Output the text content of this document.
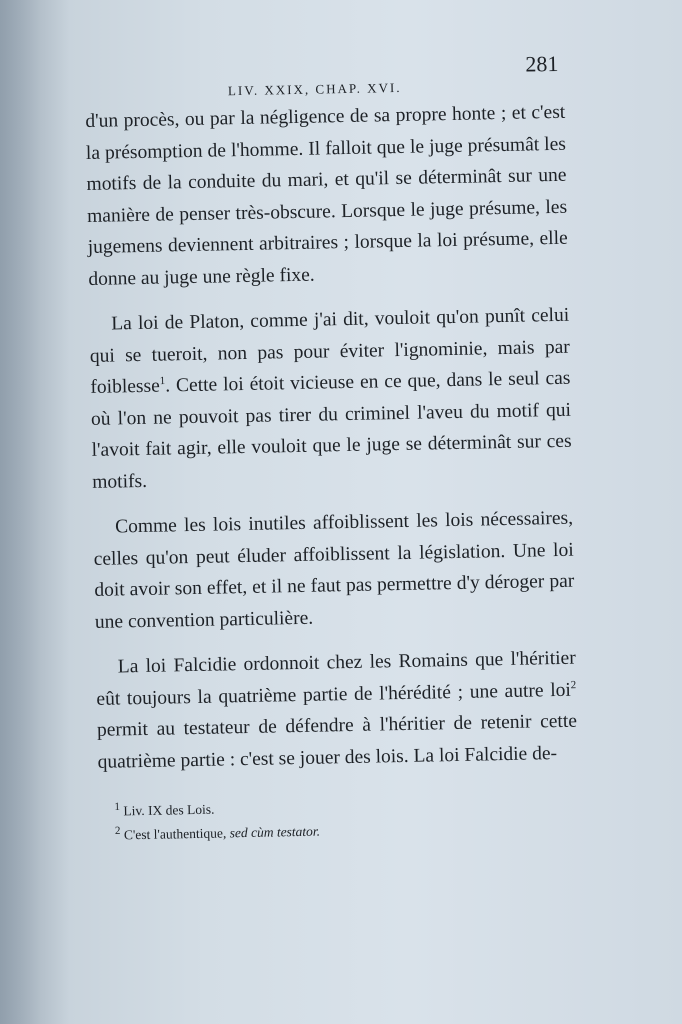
281
LIV. XXIX, CHAP. XVI.

d'un procès, ou par la négligence de sa propre honte ; et c'est la présomption de l'homme. Il falloit que le juge présumât les motifs de la conduite du mari, et qu'il se déterminât sur une manière de penser très-obscure. Lorsque le juge présume, les jugemens deviennent arbitraires ; lorsque la loi présume, elle donne au juge une règle fixe.

La loi de Platon, comme j'ai dit, vouloit qu'on punît celui qui se tueroit, non pas pour éviter l'ignominie, mais par foiblesse$^1$. Cette loi étoit vicieuse en ce que, dans le seul cas où l'on ne pouvoit pas tirer du criminel l'aveu du motif qui l'avoit fait agir, elle vouloit que le juge se déterminât sur ces motifs.

Comme les lois inutiles affoiblissent les lois nécessaires, celles qu'on peut éluder affoiblissent la législation. Une loi doit avoir son effet, et il ne faut pas permettre d'y déroger par une convention particulière.

La loi Falcidie ordonnoit chez les Romains que l'héritier eût toujours la quatrième partie de l'hérédité ; une autre loi$^2$ permit au testateur de défendre à l'héritier de retenir cette quatrième partie : c'est se jouer des lois. La loi Falcidie de-

$^1$ Liv. IX des Lois.
$^2$ C'est l'authentique, sed cùm testator.
